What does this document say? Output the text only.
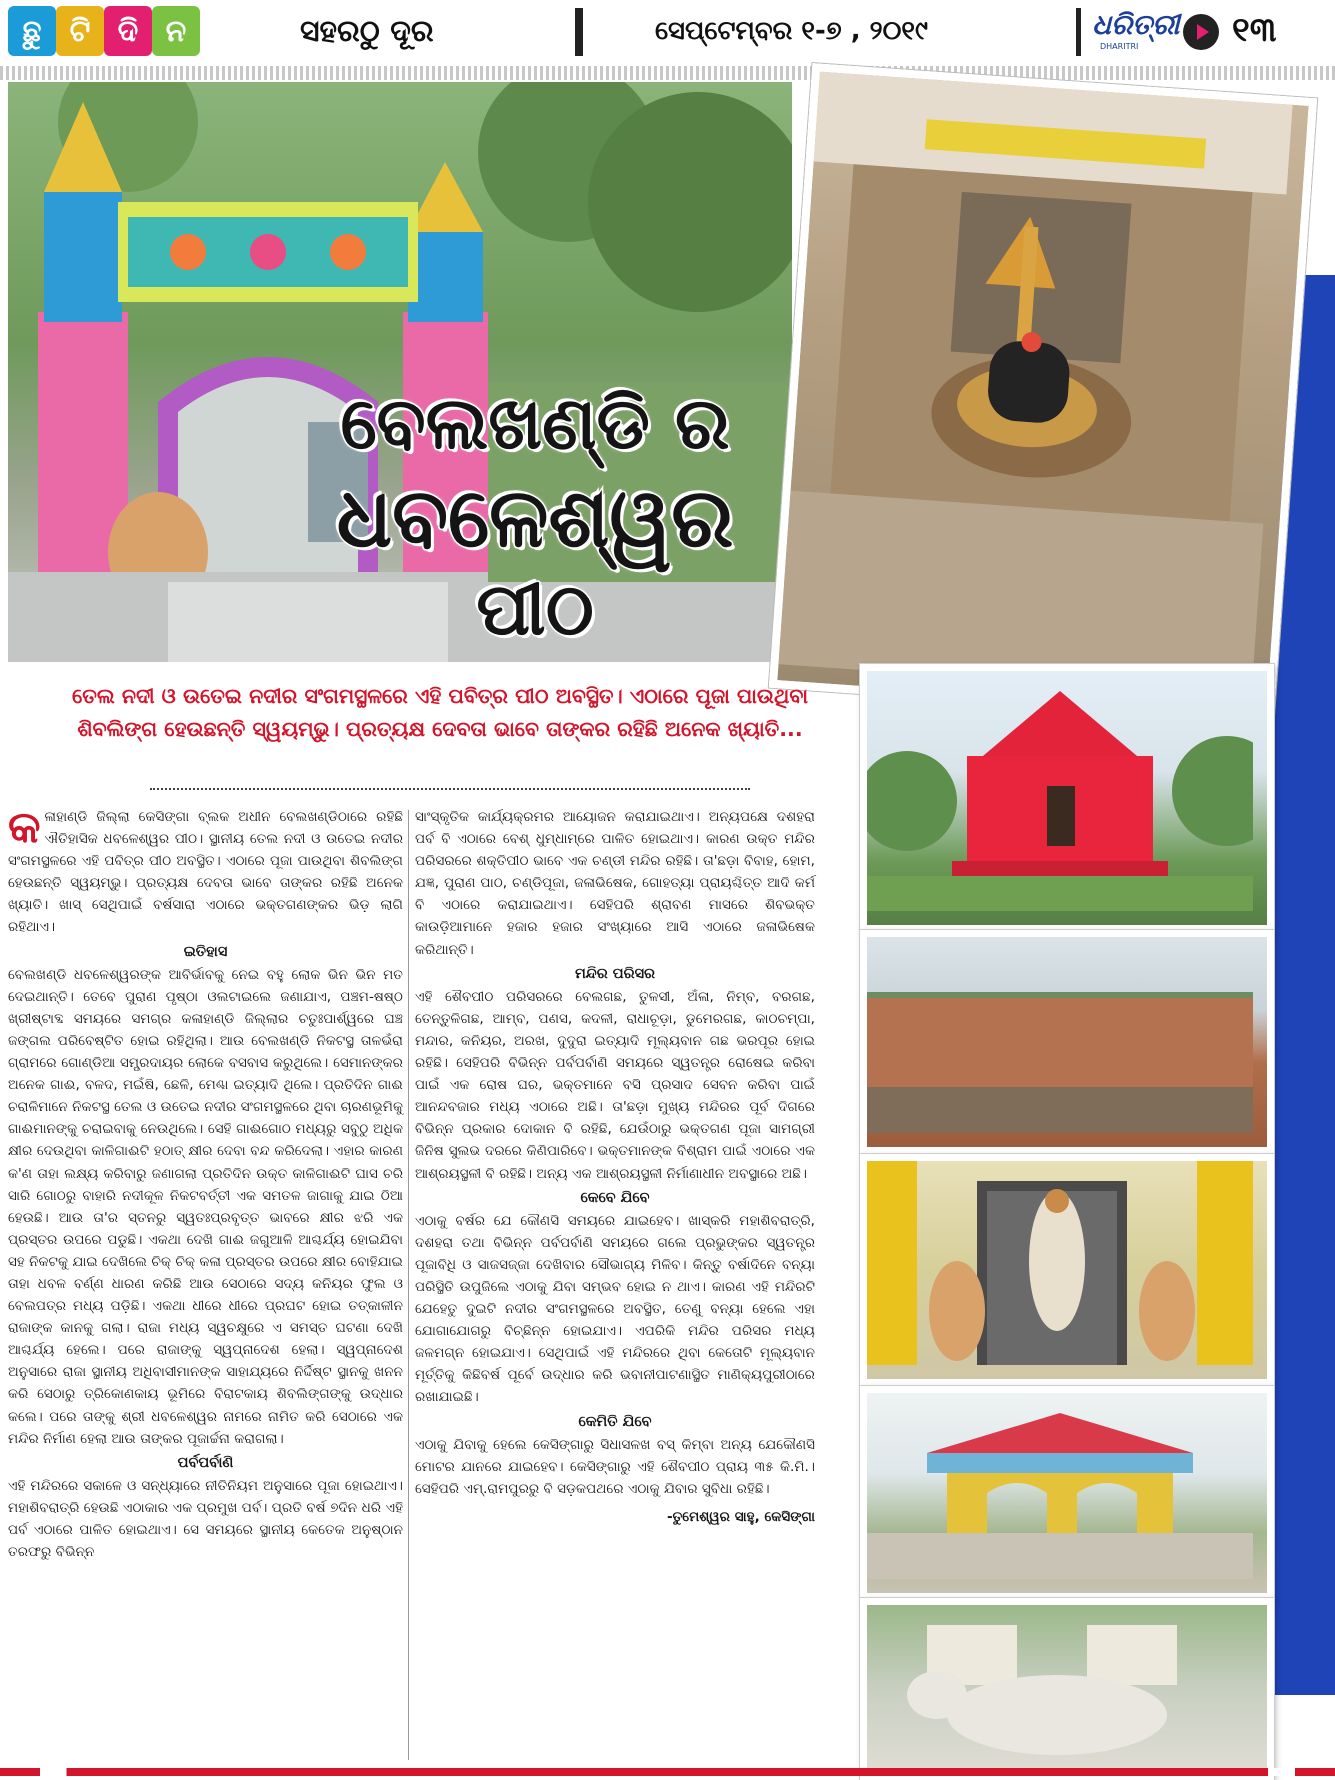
ଛୁ ଟି ଦି ନ	ସହରଠୁ ଦୂର	ସେପ୍ଟେମ୍ବର ୧-୭ , ୨୦୧୯	ଧରିତ୍ରୀ
DHARITRI	୧୩
ବେଲଖଣ୍ଡି ର
ଧବଳେଶ୍ୱର
ପୀଠ
ତେଲ ନଦୀ ଓ ଉତେଇ ନଦୀର ସଂଗମସ୍ଥଳରେ ଏହି ପବିତ୍ର ପୀଠ ଅବସ୍ଥିତ। ଏଠାରେ ପୂଜା ପାଉଥିବା ଶିବଲିଙ୍ଗ ହେଉଛନ୍ତି ସ୍ୱୟମ୍ଭୁ। ପ୍ରତ୍ୟକ୍ଷ ଦେବତା ଭାବେ ତାଙ୍କର ରହିଛି ଅନେକ ଖ୍ୟାତି...

କଳାହାଣ୍ଡି ଜିଲ୍ଲା କେସିଙ୍ଗା ବ୍ଲକ ଅଧୀନ ବେଲଖଣ୍ଡିଠାରେ ରହିଛି ଐତିହାସିକ ଧବଳେଶ୍ୱର ପୀଠ। ସ୍ଥାନୀୟ ତେଲ ନଦୀ ଓ ଉତେଇ ନଦୀର ସଂଗମସ୍ଥଳରେ ଏହି ପବିତ୍ର ପୀଠ ଅବସ୍ଥିତ। ଏଠାରେ ପୂଜା ପାଉଥିବା ଶିବଲିଙ୍ଗ ହେଉଛନ୍ତି ସ୍ୱୟମ୍ଭୁ। ପ୍ରତ୍ୟକ୍ଷ ଦେବତା ଭାବେ ତାଙ୍କର ରହିଛି ଅନେକ ଖ୍ୟାତି। ଖାସ୍ ସେଥିପାଇଁ ବର୍ଷସାରା ଏଠାରେ ଭକ୍ତଗଣଙ୍କର ଭିଡ଼ ଲାଗି ରହିଥାଏ।

ଇତିହାସ

ବେଲଖଣ୍ଡି ଧବଳେଶ୍ୱରଙ୍କ ଆବିର୍ଭାବକୁ ନେଇ ବହୁ ଲୋକ ଭିନ ଭିନ ମତ ଦେଇଥାନ୍ତି। ତେବେ ପୁରାଣ ପୃଷ୍ଠା ଓଲଟାଇଲେ ଜଣାଯାଏ, ପଞ୍ଚମ-ଷଷ୍ଠ ଖ୍ରୀଷ୍ଟାବ୍ଦ ସମୟରେ ସମଗ୍ର କଳାହାଣ୍ଡି ଜିଲ୍ଲାର ଚତୁଃପାର୍ଶ୍ୱରେ ଘଞ୍ଚ ଜଙ୍ଗଲ ପରିବେଷ୍ଟିତ ହୋଇ ରହିଥିଲା। ଆଉ ବେଲଖଣ୍ଡି ନିକଟସ୍ଥ ତାଳଭଁରା ଗ୍ରାମରେ ଗୋଣ୍ଡିଆ ସମ୍ପ୍ରଦାୟର ଲୋକେ ବସବାସ କରୁଥିଲେ। ସେମାନଙ୍କର ଅନେକ ଗାଈ, ବଳଦ, ମଇଁଷି, ଛେଳି, ମେଣ୍ଢା ଇତ୍ୟାଦି ଥିଲେ। ପ୍ରତିଦିନ ଗାଈ ଚରାଳିମାନେ ନିକଟସ୍ଥ ତେଲ ଓ ଉତେଇ ନଦୀର ସଂଗମସ୍ଥଳରେ ଥିବା ଚାରଣଭୂମିକୁ ଗାଈମାନଙ୍କୁ ଚରାଇବାକୁ ନେଉଥିଲେ। ସେହି ଗାଈଗୋଠ ମଧ୍ୟରୁ ସବୁଠୁ ଅଧିକ କ୍ଷୀର ଦେଉଥିବା କାଳିଗାଈଟି ହଠାତ୍ କ୍ଷୀର ଦେବା ବନ୍ଦ କରିଦେଲା। ଏହାର କାରଣ କ'ଣ ତାହା ଲକ୍ଷ୍ୟ କରିବାରୁ ଜଣାଗଲା ପ୍ରତିଦିନ ଉକ୍ତ କାଳିଗାଈଟି ଘାସ ଚରି ସାରି ଗୋଠରୁ ବାହାରି ନଦୀକୂଳ ନିକଟବର୍ତ୍ତୀ ଏକ ସମତଳ ଜାଗାକୁ ଯାଇ ଠିଆ ହେଉଛି। ଆଉ ତା'ର ସ୍ତନରୁ ସ୍ୱତଃପ୍ରବୃତ୍ତ ଭାବରେ କ୍ଷୀର ଝରି ଏକ ପ୍ରସ୍ତର ଉପରେ ପଡୁଛି। ଏକଥା ଦେଖି ଗାଈ ଜଗୁଆଳି ଆଶ୍ଚର୍ଯ୍ୟ ହୋଇଯିବା ସହ ନିକଟକୁ ଯାଇ ଦେଖିଲେ ଚିକ୍ ଚିକ୍ କଳା ପ୍ରସ୍ତର ଉପରେ କ୍ଷୀର ବୋହିଯାଇ ତାହା ଧବଳ ବର୍ଣ୍ଣ ଧାରଣ କରିଛି ଆଉ ସେଠାରେ ସଦ୍ୟ କନିୟର ଫୁଲ ଓ ବେଲପତ୍ର ମଧ୍ୟ ପଡ଼ିଛି। ଏକଥା ଧୀରେ ଧୀରେ ପ୍ରଘଟ ହୋଇ ତତ୍କାଳୀନ ରାଜାଙ୍କ କାନକୁ ଗଲା। ରାଜା ମଧ୍ୟ ସ୍ୱଚକ୍ଷୁରେ ଏ ସମସ୍ତ ଘଟଣା ଦେଖି ଆଶ୍ଚର୍ଯ୍ୟ ହେଲେ। ପରେ ରାଜାଙ୍କୁ ସ୍ୱପ୍ନାଦେଶ ହେଲା। ସ୍ୱପ୍ନାଦେଶ ଅନୁସାରେ ରାଜା ସ୍ଥାନୀୟ ଅଧିବାସୀମାନଙ୍କ ସାହାଯ୍ୟରେ ନିର୍ଦ୍ଦିଷ୍ଟ ସ୍ଥାନକୁ ଖନନ କରି ସେଠାରୁ ତ୍ରିକୋଣକାୟ ଭୂମିରେ ବିରାଟକାୟ ଶିବଲିଙ୍ଗଙ୍କୁ ଉଦ୍ଧାର କଲେ। ପରେ ତାଙ୍କୁ ଶ୍ରୀ ଧବଳେଶ୍ୱର ନାମରେ ନାମିତ କରି ସେଠାରେ ଏକ ମନ୍ଦିର ନିର୍ମାଣ ହେଲା ଆଉ ତାଙ୍କର ପୂଜାର୍ଚ୍ଚନା କରାଗଲା।

ପର୍ବପର୍ବାଣି

ଏହି ମନ୍ଦିରରେ ସକାଳେ ଓ ସନ୍ଧ୍ୟାରେ ନୀତିନିୟମ ଅନୁସାରେ ପୂଜା ହୋଇଥାଏ। ମହାଶିବରାତ୍ରି ହେଉଛି ଏଠାକାର ଏକ ପ୍ରମୁଖ ପର୍ବ। ପ୍ରତି ବର୍ଷ ୭ଦିନ ଧରି ଏହି ପର୍ବ ଏଠାରେ ପାଳିତ ହୋଇଥାଏ। ସେ ସମୟରେ ସ୍ଥାନୀୟ କେତେକ ଅନୁଷ୍ଠାନ ତରଫରୁ ବିଭିନ୍ନ

ସାଂସ୍କୃତିକ କାର୍ଯ୍ୟକ୍ରମର ଆୟୋଜନ କରାଯାଇଥାଏ। ଅନ୍ୟପକ୍ଷେ ଦଶହରା ପର୍ବ ବି ଏଠାରେ ବେଶ୍ ଧୁମ୍‌ଧାମ୍‌ରେ ପାଳିତ ହୋଇଥାଏ। କାରଣ ଉକ୍ତ ମନ୍ଦିର ପରିସରରେ ଶକ୍ତିପୀଠ ଭାବେ ଏକ ଚଣ୍ଡୀ ମନ୍ଦିର ରହିଛି। ତା'ଛଡ଼ା ବିବାହ, ହୋମ, ଯଜ୍ଞ, ପୁରାଣ ପାଠ, ଚଣ୍ଡିପୂଜା, ଜଳାଭିଷେକ, ଗୋହତ୍ୟା ପ୍ରାୟଶ୍ଚିତ୍ତ ଆଦି କର୍ମ ବି ଏଠାରେ କରାଯାଇଥାଏ। ସେହିପରି ଶ୍ରାବଣ ମାସରେ ଶିବଭକ୍ତ କାଉଡ଼ିଆମାନେ ହଜାର ହଜାର ସଂଖ୍ୟାରେ ଆସି ଏଠାରେ ଜଳାଭିଷେକ କରିଥାନ୍ତି।

ମନ୍ଦିର ପରିସର

ଏହି ଶୈବପୀଠ ପରିସରରେ ବେଲଗଛ, ତୁଳସୀ, ଅଁଳା, ନିମ୍ବ, ବରଗଛ, ତେନ୍ତୁଳିଗଛ, ଆମ୍ବ, ପଣସ, କଦଳୀ, ରାଧାଚୂଡ଼ା, ଡୁମେରଗଛ, କାଠଚମ୍ପା, ମନ୍ଦାର, କନିୟର, ଅରଖ, ଦୁଦୁରା ଇତ୍ୟାଦି ମୂଲ୍ୟବାନ ଗଛ ଭରପୂର ହୋଇ ରହିଛି। ସେହିପରି ବିଭିନ୍ନ ପର୍ବପର୍ବାଣି ସମୟରେ ସ୍ୱତନ୍ତ୍ର ରୋଷେଇ କରିବା ପାଇଁ ଏକ ରୋଷ ଘର, ଭକ୍ତମାନେ ବସି ପ୍ରସାଦ ସେବନ କରିବା ପାଇଁ ଆନନ୍ଦବଜାର ମଧ୍ୟ ଏଠାରେ ଅଛି। ତା'ଛଡ଼ା ମୁଖ୍ୟ ମନ୍ଦିରର ପୂର୍ବ ଦିଗରେ ବିଭିନ୍ନ ପ୍ରକାର ଦୋକାନ ବି ରହିଛି, ଯେଉଁଠାରୁ ଭକ୍ତଗଣ ପୂଜା ସାମଗ୍ରୀ ଜିନିଷ ସୁଲଭ ଦରରେ କିଣିପାରିବେ। ଭକ୍ତମାନଙ୍କ ବିଶ୍ରାମ ପାଇଁ ଏଠାରେ ଏକ ଆଶ୍ରୟସ୍ଥଳୀ ବି ରହିଛି। ଅନ୍ୟ ଏକ ଆଶ୍ରୟସ୍ଥଳୀ ନିର୍ମାଣାଧୀନ ଅବସ୍ଥାରେ ଅଛି।

କେବେ ଯିବେ

ଏଠାକୁ ବର୍ଷର ଯେ କୌଣସି ସମୟରେ ଯାଇହେବ। ଖାସ୍‌କରି ମହାଶିବରାତ୍ରି, ଦଶହରା ତଥା ବିଭିନ୍ନ ପର୍ବପର୍ବାଣି ସମୟରେ ଗଲେ ପ୍ରଭୁଙ୍କର ସ୍ୱତନ୍ତ୍ର ପୂଜାବିଧି ଓ ସାଜସଜ୍ଜା ଦେଖିବାର ସୌଭାଗ୍ୟ ମିଳିବ। କିନ୍ତୁ ବର୍ଷାଦିନେ ବନ୍ୟା ପରିସ୍ଥିତି ଉପୁଜିଲେ ଏଠାକୁ ଯିବା ସମ୍ଭବ ହୋଇ ନ ଥାଏ। କାରଣ ଏହି ମନ୍ଦିରଟି ଯେହେତୁ ଦୁଇଟି ନଦୀର ସଂଗମସ୍ଥଳରେ ଅବସ୍ଥିତ, ତେଣୁ ବନ୍ୟା ହେଲେ ଏହା ଯୋଗାଯୋଗରୁ ବିଚ୍ଛିନ୍ନ ହୋଇଯାଏ। ଏପରିକି ମନ୍ଦିର ପରିସର ମଧ୍ୟ ଜଳମଗ୍ନ ହୋଇଯାଏ। ସେଥିପାଇଁ ଏହି ମନ୍ଦିରରେ ଥିବା କେତୋଟି ମୂଲ୍ୟବାନ ମୂର୍ତ୍ତିକୁ କିଛିବର୍ଷ ପୂର୍ବେ ଉଦ୍ଧାର କରି ଭବାନୀପାଟଣାସ୍ଥିତ ମାଣିକ୍ୟପୁରୀଠାରେ ରଖାଯାଇଛି।

କେମିତି ଯିବେ

ଏଠାକୁ ଯିବାକୁ ହେଲେ କେସିଙ୍ଗାରୁ ସିଧାସଳଖ ବସ୍ କିମ୍ବା ଅନ୍ୟ ଯେକୌଣସି ମୋଟର ଯାନରେ ଯାଇହେବ। କେସିଙ୍ଗାରୁ ଏହି ଶୈବପୀଠ ପ୍ରାୟ ୩୫ କି.ମି.। ସେହିପରି ଏମ୍.ରାମପୁରରୁ ବି ସଡ଼କପଥରେ ଏଠାକୁ ଯିବାର ସୁବିଧା ରହିଛି।

-ତୁମେଶ୍ୱର ସାହୁ, କେସିଙ୍ଗା
